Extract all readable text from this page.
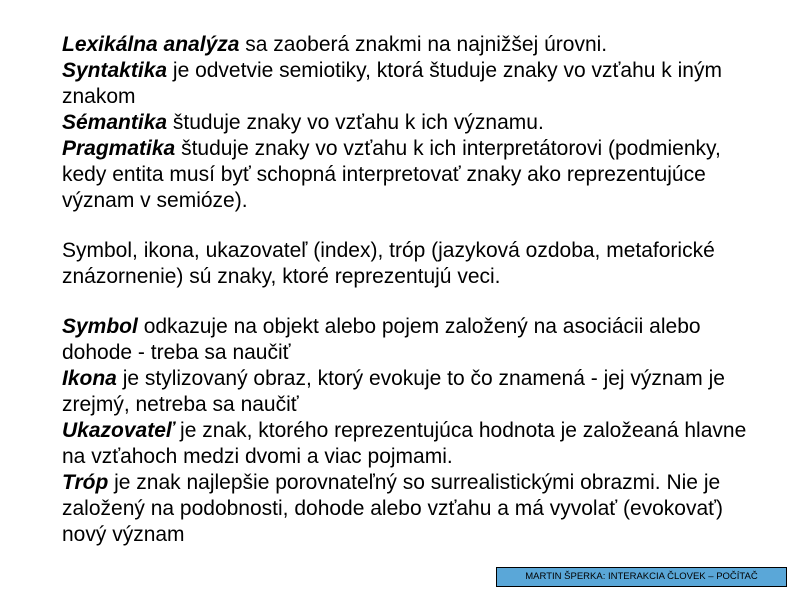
Lexikálna analýza sa zaoberá znakmi na najnižšej úrovni.

Syntaktika je odvetvie semiotiky, ktorá študuje znaky vo vzťahu k iným znakom

Sémantika študuje znaky vo vzťahu k ich významu.

Pragmatika študuje znaky vo vzťahu k ich interpretátorovi (podmienky, kedy entita musí byť schopná interpretovať znaky ako reprezentujúce význam v semióze).

Symbol, ikona, ukazovateľ (index), tróp (jazyková ozdoba, metaforické znázornenie) sú znaky, ktoré reprezentujú veci.

Symbol odkazuje na objekt alebo pojem založený na asociácii alebo dohode - treba sa naučiť

Ikona je stylizovaný obraz, ktorý evokuje to čo znamená - jej význam je zrejmý, netreba sa naučiť

Ukazovateľ je znak, ktorého reprezentujúca hodnota je založeaná hlavne na vzťahoch medzi dvomi a viac pojmami.

Tróp je znak najlepšie porovnateľný so surrealistickými obrazmi. Nie je založený na podobnosti, dohode alebo vzťahu a má vyvolať (evokovať) nový význam

MARTIN ŠPERKA: INTERAKCIA ČLOVEK – POČÍTAČ
